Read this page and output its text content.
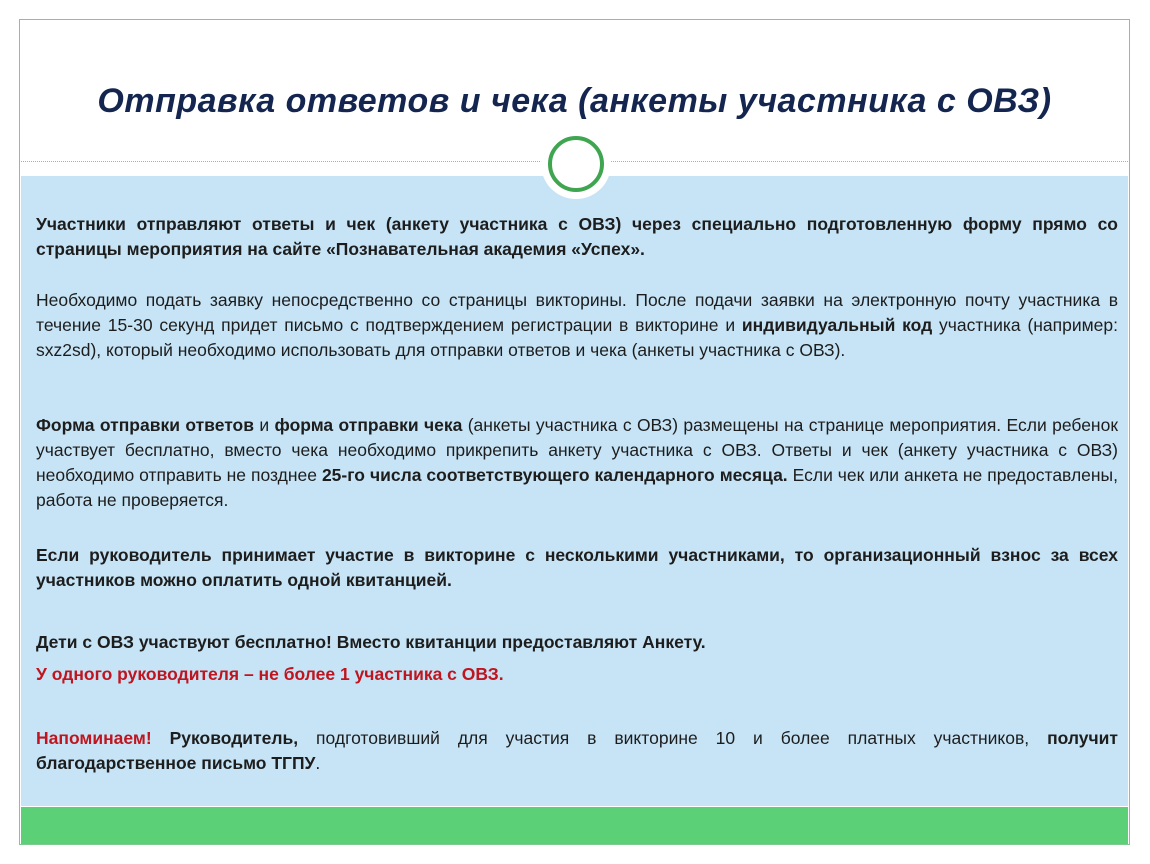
Отправка ответов и чека (анкеты участника с ОВЗ)

Участники отправляют ответы и чек (анкету участника с ОВЗ) через специально подготовленную форму прямо со страницы мероприятия на сайте «Познавательная академия «Успех».

Необходимо подать заявку непосредственно со страницы викторины. После подачи заявки на электронную почту участника в течение 15-30 секунд придет письмо с подтверждением регистрации в викторине и индивидуальный код участника (например: sxz2sd), который необходимо использовать для отправки ответов и чека (анкеты участника с ОВЗ).

Форма отправки ответов и форма отправки чека (анкеты участника с ОВЗ) размещены на странице мероприятия. Если ребенок участвует бесплатно, вместо чека необходимо прикрепить анкету участника с ОВЗ. Ответы и чек (анкету участника с ОВЗ) необходимо отправить не позднее 25-го числа соответствующего календарного месяца. Если чек или анкета не предоставлены, работа не проверяется.

Если руководитель принимает участие в викторине с несколькими участниками, то организационный взнос за всех участников можно оплатить одной квитанцией.

Дети с ОВЗ участвуют бесплатно! Вместо квитанции предоставляют Анкету.

У одного руководителя – не более 1 участника с ОВЗ.

Напоминаем! Руководитель, подготовивший для участия в викторине 10 и более платных участников, получит благодарственное письмо ТГПУ.
